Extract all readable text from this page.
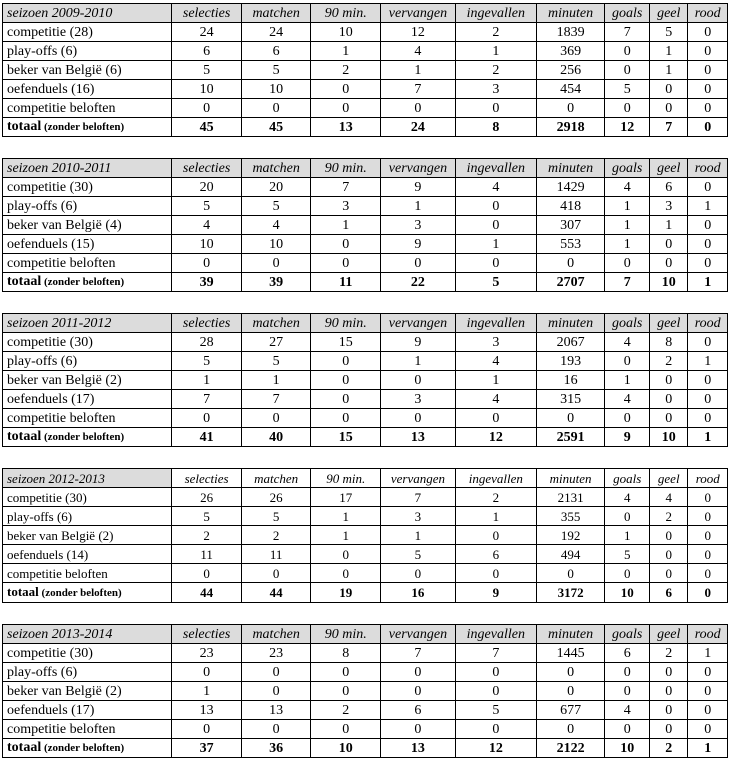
seizoen 2009-2010	selecties	matchen	90 min.	vervangen	ingevallen	minuten	goals	geel	rood
competitie (28)	24	24	10	12	2	1839	7	5	0
play-offs (6)	6	6	1	4	1	369	0	1	0
beker van België (6)	5	5	2	1	2	256	0	1	0
oefenduels (16)	10	10	0	7	3	454	5	0	0
competitie beloften	0	0	0	0	0	0	0	0	0
totaal (zonder beloften)	45	45	13	24	8	2918	12	7	0
seizoen 2010-2011	selecties	matchen	90 min.	vervangen	ingevallen	minuten	goals	geel	rood
competitie (30)	20	20	7	9	4	1429	4	6	0
play-offs (6)	5	5	3	1	0	418	1	3	1
beker van België (4)	4	4	1	3	0	307	1	1	0
oefenduels (15)	10	10	0	9	1	553	1	0	0
competitie beloften	0	0	0	0	0	0	0	0	0
totaal (zonder beloften)	39	39	11	22	5	2707	7	10	1
seizoen 2011-2012	selecties	matchen	90 min.	vervangen	ingevallen	minuten	goals	geel	rood
competitie (30)	28	27	15	9	3	2067	4	8	0
play-offs (6)	5	5	0	1	4	193	0	2	1
beker van België (2)	1	1	0	0	1	16	1	0	0
oefenduels (17)	7	7	0	3	4	315	4	0	0
competitie beloften	0	0	0	0	0	0	0	0	0
totaal (zonder beloften)	41	40	15	13	12	2591	9	10	1
seizoen 2012-2013	selecties	matchen	90 min.	vervangen	ingevallen	minuten	goals	geel	rood
competitie (30)	26	26	17	7	2	2131	4	4	0
play-offs (6)	5	5	1	3	1	355	0	2	0
beker van België (2)	2	2	1	1	0	192	1	0	0
oefenduels (14)	11	11	0	5	6	494	5	0	0
competitie beloften	0	0	0	0	0	0	0	0	0
totaal (zonder beloften)	44	44	19	16	9	3172	10	6	0
seizoen 2013-2014	selecties	matchen	90 min.	vervangen	ingevallen	minuten	goals	geel	rood
competitie (30)	23	23	8	7	7	1445	6	2	1
play-offs (6)	0	0	0	0	0	0	0	0	0
beker van België (2)	1	0	0	0	0	0	0	0	0
oefenduels (17)	13	13	2	6	5	677	4	0	0
competitie beloften	0	0	0	0	0	0	0	0	0
totaal (zonder beloften)	37	36	10	13	12	2122	10	2	1
